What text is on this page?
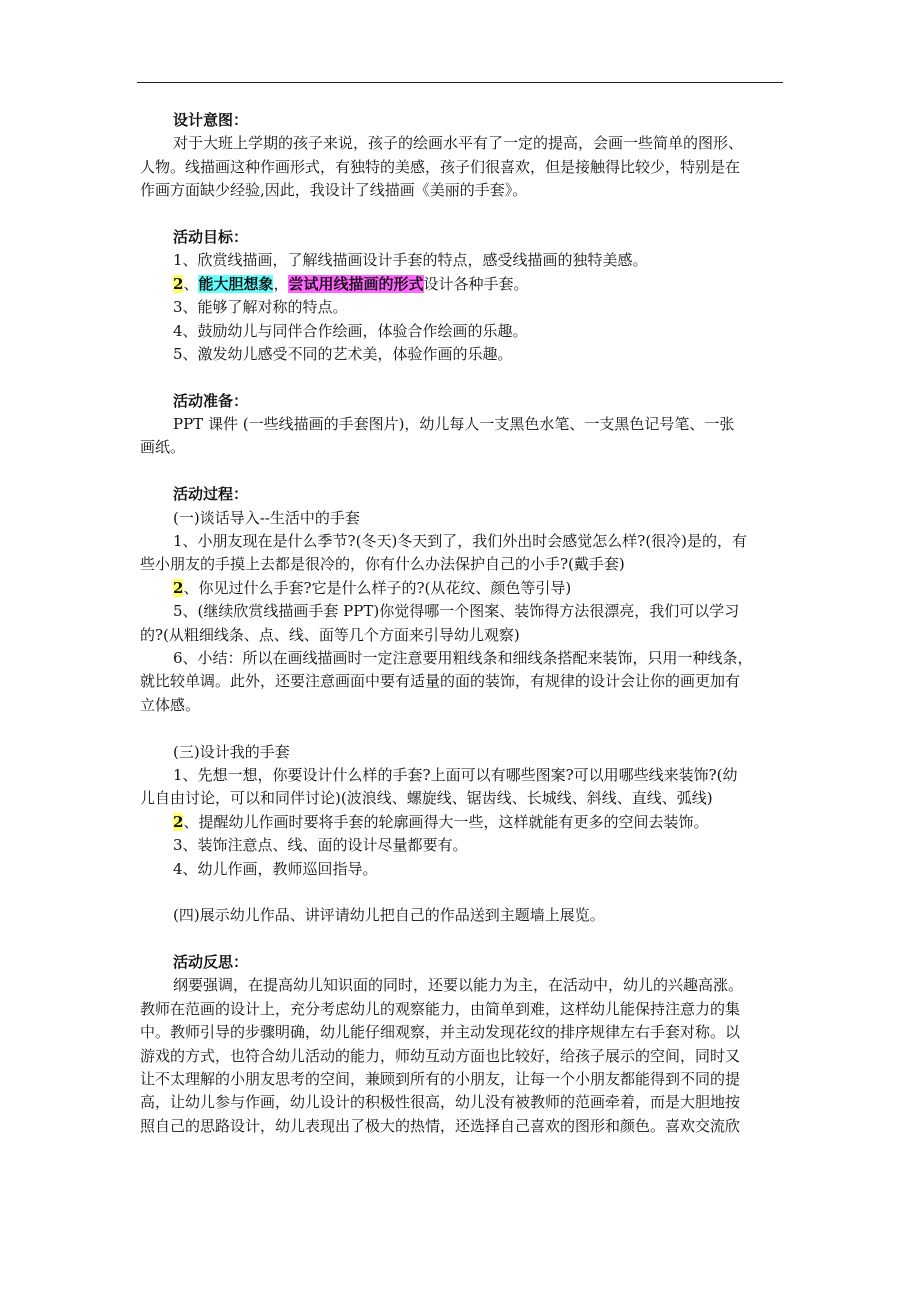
设计意图：
对于大班上学期的孩子来说，孩子的绘画水平有了一定的提高，会画一些简单的图形、
人物。线描画这种作画形式，有独特的美感，孩子们很喜欢，但是接触得比较少，特别是在
作画方面缺少经验,因此，我设计了线描画《美丽的手套》。
活动目标：
1、欣赏线描画，了解线描画设计手套的特点，感受线描画的独特美感。
2、能大胆想象，尝试用线描画的形式设计各种手套。
3、能够了解对称的特点。
4、鼓励幼儿与同伴合作绘画，体验合作绘画的乐趣。
5、激发幼儿感受不同的艺术美，体验作画的乐趣。
活动准备：
PPT 课件 (一些线描画的手套图片)，幼儿每人一支黑色水笔、一支黑色记号笔、一张
画纸。
活动过程：
(一)谈话导入--生活中的手套
1、小朋友现在是什么季节?(冬天)冬天到了，我们外出时会感觉怎么样?(很冷)是的，有
些小朋友的手摸上去都是很冷的，你有什么办法保护自己的小手?(戴手套)
2、你见过什么手套?它是什么样子的?(从花纹、颜色等引导)
5、(继续欣赏线描画手套 PPT)你觉得哪一个图案、装饰得方法很漂亮，我们可以学习
的?(从粗细线条、点、线、面等几个方面来引导幼儿观察)
6、小结：所以在画线描画时一定注意要用粗线条和细线条搭配来装饰，只用一种线条，
就比较单调。此外，还要注意画面中要有适量的面的装饰，有规律的设计会让你的画更加有
立体感。
(三)设计我的手套
1、先想一想，你要设计什么样的手套?上面可以有哪些图案?可以用哪些线来装饰?(幼
儿自由讨论，可以和同伴讨论)(波浪线、螺旋线、锯齿线、长城线、斜线、直线、弧线)
2、提醒幼儿作画时要将手套的轮廓画得大一些，这样就能有更多的空间去装饰。
3、装饰注意点、线、面的设计尽量都要有。
4、幼儿作画，教师巡回指导。
(四)展示幼儿作品、讲评请幼儿把自己的作品送到主题墙上展览。
活动反思：
纲要强调，在提高幼儿知识面的同时，还要以能力为主，在活动中，幼儿的兴趣高涨。
教师在范画的设计上，充分考虑幼儿的观察能力，由简单到难，这样幼儿能保持注意力的集
中。教师引导的步骤明确，幼儿能仔细观察，并主动发现花纹的排序规律左右手套对称。以
游戏的方式，也符合幼儿活动的能力，师幼互动方面也比较好，给孩子展示的空间，同时又
让不太理解的小朋友思考的空间，兼顾到所有的小朋友，让每一个小朋友都能得到不同的提
高，让幼儿参与作画，幼儿设计的积极性很高，幼儿没有被教师的范画牵着，而是大胆地按
照自己的思路设计，幼儿表现出了极大的热情，还选择自己喜欢的图形和颜色。喜欢交流欣
